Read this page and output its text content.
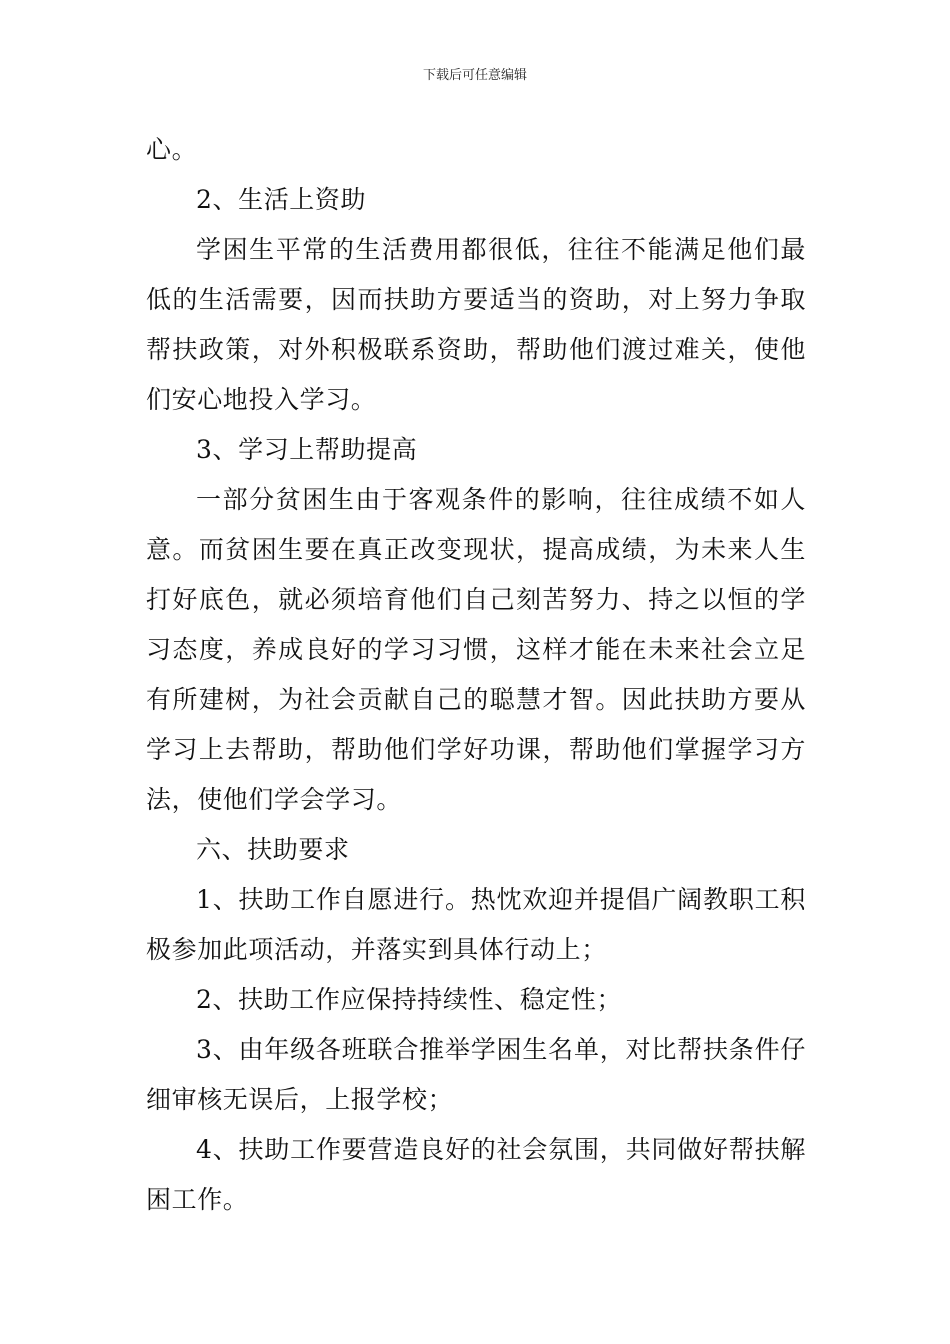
下载后可任意编辑

心。

2、生活上资助

学困生平常的生活费用都很低，往往不能满足他们最低的生活需要，因而扶助方要适当的资助，对上努力争取帮扶政策，对外积极联系资助，帮助他们渡过难关，使他们安心地投入学习。

3、学习上帮助提高

一部分贫困生由于客观条件的影响，往往成绩不如人意。而贫困生要在真正改变现状，提高成绩，为未来人生打好底色，就必须培育他们自己刻苦努力、持之以恒的学习态度，养成良好的学习习惯，这样才能在未来社会立足有所建树，为社会贡献自己的聪慧才智。因此扶助方要从学习上去帮助，帮助他们学好功课，帮助他们掌握学习方法，使他们学会学习。

六、扶助要求

1、扶助工作自愿进行。热忱欢迎并提倡广阔教职工积极参加此项活动，并落实到具体行动上；

2、扶助工作应保持持续性、稳定性；

3、由年级各班联合推举学困生名单，对比帮扶条件仔细审核无误后，上报学校；

4、扶助工作要营造良好的社会氛围，共同做好帮扶解困工作。
